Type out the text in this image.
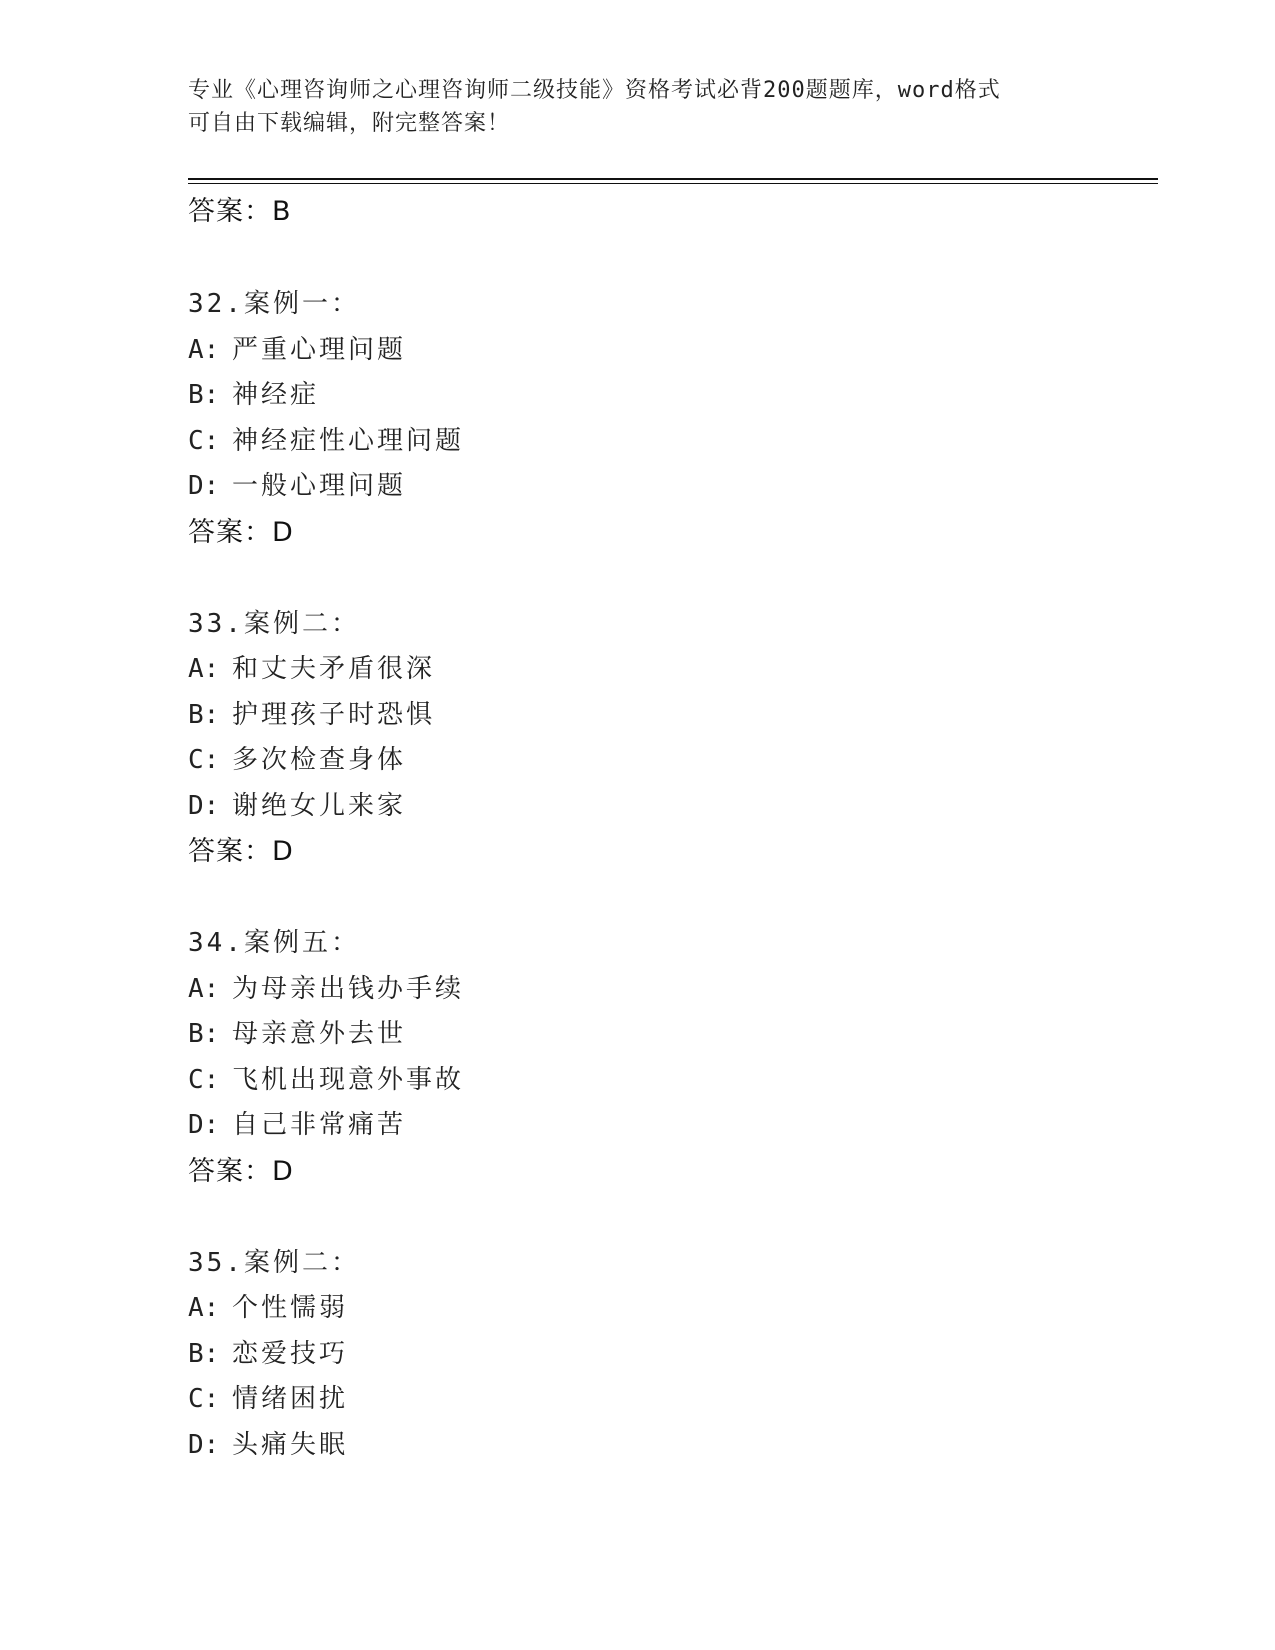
专业《心理咨询师之心理咨询师二级技能》资格考试必背200题题库，word格式
可自由下载编辑，附完整答案！
答案：B
32.案例一：
A: 严重心理问题
B: 神经症
C: 神经症性心理问题
D: 一般心理问题
答案：D
33.案例二：
A: 和丈夫矛盾很深
B: 护理孩子时恐惧
C: 多次检查身体
D: 谢绝女儿来家
答案：D
34.案例五：
A: 为母亲出钱办手续
B: 母亲意外去世
C: 飞机出现意外事故
D: 自己非常痛苦
答案：D
35.案例二：
A: 个性懦弱
B: 恋爱技巧
C: 情绪困扰
D: 头痛失眠
